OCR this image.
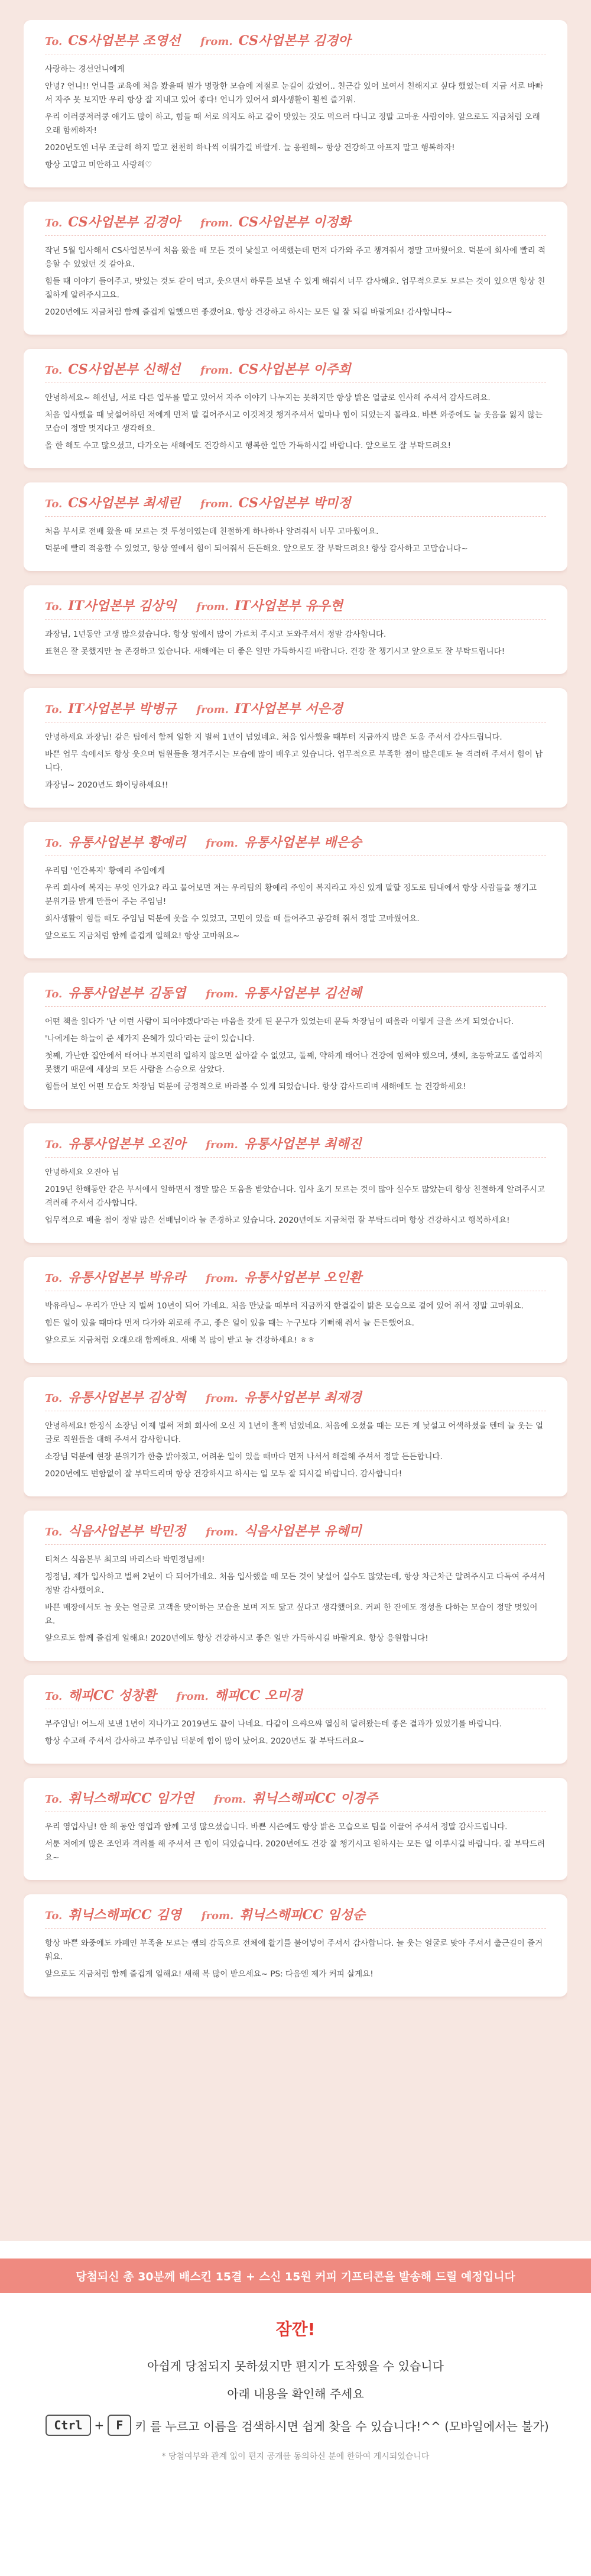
To. CS사업본부 조영선 from. CS사업본부 김경아

사랑하는 경선언니에게

안녕? 언니!! 언니를 교육에 처음 봤을때 뭔가 명랑한 모습에 저절로 눈길이 갔었어.. 친근감 있어 보여서 친해지고 싶다 했었는데 지금 서로 바빠서 자주 못 보지만 우리 항상 잘 지내고 있어 좋다! 언니가 있어서 회사생활이 훨씬 즐거워.

우리 이러쿵저러쿵 얘기도 많이 하고, 힘들 때 서로 의지도 하고 같이 맛있는 것도 먹으러 다니고 정말 고마운 사람이야. 앞으로도 지금처럼 오래오래 함께하자!

2020년도엔 너무 조급해 하지 말고 천천히 하나씩 이뤄가길 바랄게. 늘 응원해~ 항상 건강하고 아프지 말고 행복하자!

항상 고맙고 미안하고 사랑해♡

To. CS사업본부 김경아 from. CS사업본부 이정화

작년 5월 입사해서 CS사업본부에 처음 왔을 때 모든 것이 낯설고 어색했는데 먼저 다가와 주고 챙겨줘서 정말 고마웠어요. 덕분에 회사에 빨리 적응할 수 있었던 것 같아요.

힘들 때 이야기 들어주고, 맛있는 것도 같이 먹고, 웃으면서 하루를 보낼 수 있게 해줘서 너무 감사해요. 업무적으로도 모르는 것이 있으면 항상 친절하게 알려주시고요.

2020년에도 지금처럼 함께 즐겁게 일했으면 좋겠어요. 항상 건강하고 하시는 모든 일 잘 되길 바랄게요! 감사합니다~

To. CS사업본부 신해선 from. CS사업본부 이주희

안녕하세요~ 해선님, 서로 다른 업무를 맡고 있어서 자주 이야기 나누지는 못하지만 항상 밝은 얼굴로 인사해 주셔서 감사드려요.

처음 입사했을 때 낯설어하던 저에게 먼저 말 걸어주시고 이것저것 챙겨주셔서 얼마나 힘이 되었는지 몰라요. 바쁜 와중에도 늘 웃음을 잃지 않는 모습이 정말 멋지다고 생각해요.

올 한 해도 수고 많으셨고, 다가오는 새해에도 건강하시고 행복한 일만 가득하시길 바랍니다. 앞으로도 잘 부탁드려요!

To. CS사업본부 최세린 from. CS사업본부 박미정

처음 부서로 전배 왔을 때 모르는 것 투성이였는데 친절하게 하나하나 알려줘서 너무 고마웠어요.

덕분에 빨리 적응할 수 있었고, 항상 옆에서 힘이 되어줘서 든든해요. 앞으로도 잘 부탁드려요! 항상 감사하고 고맙습니다~

To. IT사업본부 김상익 from. IT사업본부 유우현

과장님, 1년동안 고생 많으셨습니다. 항상 옆에서 많이 가르쳐 주시고 도와주셔서 정말 감사합니다.

표현은 잘 못했지만 늘 존경하고 있습니다. 새해에는 더 좋은 일만 가득하시길 바랍니다. 건강 잘 챙기시고 앞으로도 잘 부탁드립니다!

To. IT사업본부 박병규 from. IT사업본부 서은경

안녕하세요 과장님! 같은 팀에서 함께 일한 지 벌써 1년이 넘었네요. 처음 입사했을 때부터 지금까지 많은 도움 주셔서 감사드립니다.

바쁜 업무 속에서도 항상 웃으며 팀원들을 챙겨주시는 모습에 많이 배우고 있습니다. 업무적으로 부족한 점이 많은데도 늘 격려해 주셔서 힘이 납니다.

과장님~ 2020년도 화이팅하세요!!

To. 유통사업본부 황예리 from. 유통사업본부 배은승

우리팀 '인간복지' 황예리 주임에게

우리 회사에 복지는 무엇 인가요? 라고 물어보면 저는 우리팀의 황예리 주임이 복지라고 자신 있게 말할 정도로 팀내에서 항상 사람들을 챙기고 분위기를 밝게 만들어 주는 주임님!

회사생활이 힘들 때도 주임님 덕분에 웃을 수 있었고, 고민이 있을 때 들어주고 공감해 줘서 정말 고마웠어요.

앞으로도 지금처럼 함께 즐겁게 일해요! 항상 고마워요~

To. 유통사업본부 김동엽 from. 유통사업본부 김선혜

어떤 책을 읽다가 '난 이런 사람이 되어야겠다'라는 마음을 갖게 된 문구가 있었는데 문득 차장님이 떠올라 이렇게 글을 쓰게 되었습니다.

'나에게는 하늘이 준 세가지 은혜가 있다'라는 글이 있습니다.

첫째, 가난한 집안에서 태어나 부지런히 일하지 않으면 살아갈 수 없었고, 둘째, 약하게 태어나 건강에 힘써야 했으며, 셋째, 초등학교도 졸업하지 못했기 때문에 세상의 모든 사람을 스승으로 삼았다.

힘들어 보인 어떤 모습도 차장님 덕분에 긍정적으로 바라볼 수 있게 되었습니다. 항상 감사드리며 새해에도 늘 건강하세요!

To. 유통사업본부 오진아 from. 유통사업본부 최해진

안녕하세요 오진아 님

2019년 한해동안 같은 부서에서 일하면서 정말 많은 도움을 받았습니다. 입사 초기 모르는 것이 많아 실수도 많았는데 항상 친절하게 알려주시고 격려해 주셔서 감사합니다.

업무적으로 배울 점이 정말 많은 선배님이라 늘 존경하고 있습니다. 2020년에도 지금처럼 잘 부탁드리며 항상 건강하시고 행복하세요!

To. 유통사업본부 박유라 from. 유통사업본부 오인환

박유라님~ 우리가 만난 지 벌써 10년이 되어 가네요. 처음 만났을 때부터 지금까지 한결같이 밝은 모습으로 곁에 있어 줘서 정말 고마워요.

힘든 일이 있을 때마다 먼저 다가와 위로해 주고, 좋은 일이 있을 때는 누구보다 기뻐해 줘서 늘 든든했어요.

앞으로도 지금처럼 오래오래 함께해요. 새해 복 많이 받고 늘 건강하세요! ㅎㅎ

To. 유통사업본부 김상혁 from. 유통사업본부 최재경

안녕하세요! 한정식 소장님 이제 벌써 저희 회사에 오신 지 1년이 훌쩍 넘었네요. 처음에 오셨을 때는 모든 게 낯설고 어색하셨을 텐데 늘 웃는 얼굴로 직원들을 대해 주셔서 감사합니다.

소장님 덕분에 현장 분위기가 한층 밝아졌고, 어려운 일이 있을 때마다 먼저 나서서 해결해 주셔서 정말 든든합니다.

2020년에도 변함없이 잘 부탁드리며 항상 건강하시고 하시는 일 모두 잘 되시길 바랍니다. 감사합니다!

To. 식음사업본부 박민정 from. 식음사업본부 유혜미

티처스 식음본부 최고의 바리스타 박민정님께!

정정님, 제가 입사하고 벌써 2년이 다 되어가네요. 처음 입사했을 때 모든 것이 낯설어 실수도 많았는데, 항상 차근차근 알려주시고 다독여 주셔서 정말 감사했어요.

바쁜 매장에서도 늘 웃는 얼굴로 고객을 맞이하는 모습을 보며 저도 닮고 싶다고 생각했어요. 커피 한 잔에도 정성을 다하는 모습이 정말 멋있어요.

앞으로도 함께 즐겁게 일해요! 2020년에도 항상 건강하시고 좋은 일만 가득하시길 바랄게요. 항상 응원합니다!

To. 해피CC 성창환 from. 해피CC 오미경

부주임님! 어느새 보낸 1년이 지나가고 2019년도 끝이 나네요. 다같이 으쌰으쌰 열심히 달려왔는데 좋은 결과가 있었기를 바랍니다.

항상 수고해 주셔서 감사하고 부주임님 덕분에 힘이 많이 났어요. 2020년도 잘 부탁드려요~

To. 휘닉스해피CC 임가연 from. 휘닉스해피CC 이경주

우리 영업사님! 한 해 동안 영업과 함께 고생 많으셨습니다. 바쁜 시즌에도 항상 밝은 모습으로 팀을 이끌어 주셔서 정말 감사드립니다.

서툰 저에게 많은 조언과 격려를 해 주셔서 큰 힘이 되었습니다. 2020년에도 건강 잘 챙기시고 원하시는 모든 일 이루시길 바랍니다. 잘 부탁드려요~

To. 휘닉스해피CC 김영 from. 휘닉스해피CC 임성순

항상 바쁜 와중에도 카페인 부족을 모르는 쌤의 감독으로 전체에 활기를 불어넣어 주셔서 감사합니다. 늘 웃는 얼굴로 맞아 주셔서 출근길이 즐거워요.

앞으로도 지금처럼 함께 즐겁게 일해요! 새해 복 많이 받으세요~ PS: 다음엔 제가 커피 살게요!

당첨되신 총 30분께 배스킨 15결 + 스신 15원 커피 기프티콘을 발송해 드릴 예정입니다
잠깐!
아쉽게 당첨되지 못하셨지만 편지가 도착했을 수 있습니다
아래 내용을 확인해 주세요
Ctrl	+	F	키 를 누르고 이름을 검색하시면 쉽게 찾을 수 있습니다!^^ (모바일에서는 불가)
* 당첨여부와 관계 없이 편지 공개를 동의하신 분에 한하여 게시되었습니다
